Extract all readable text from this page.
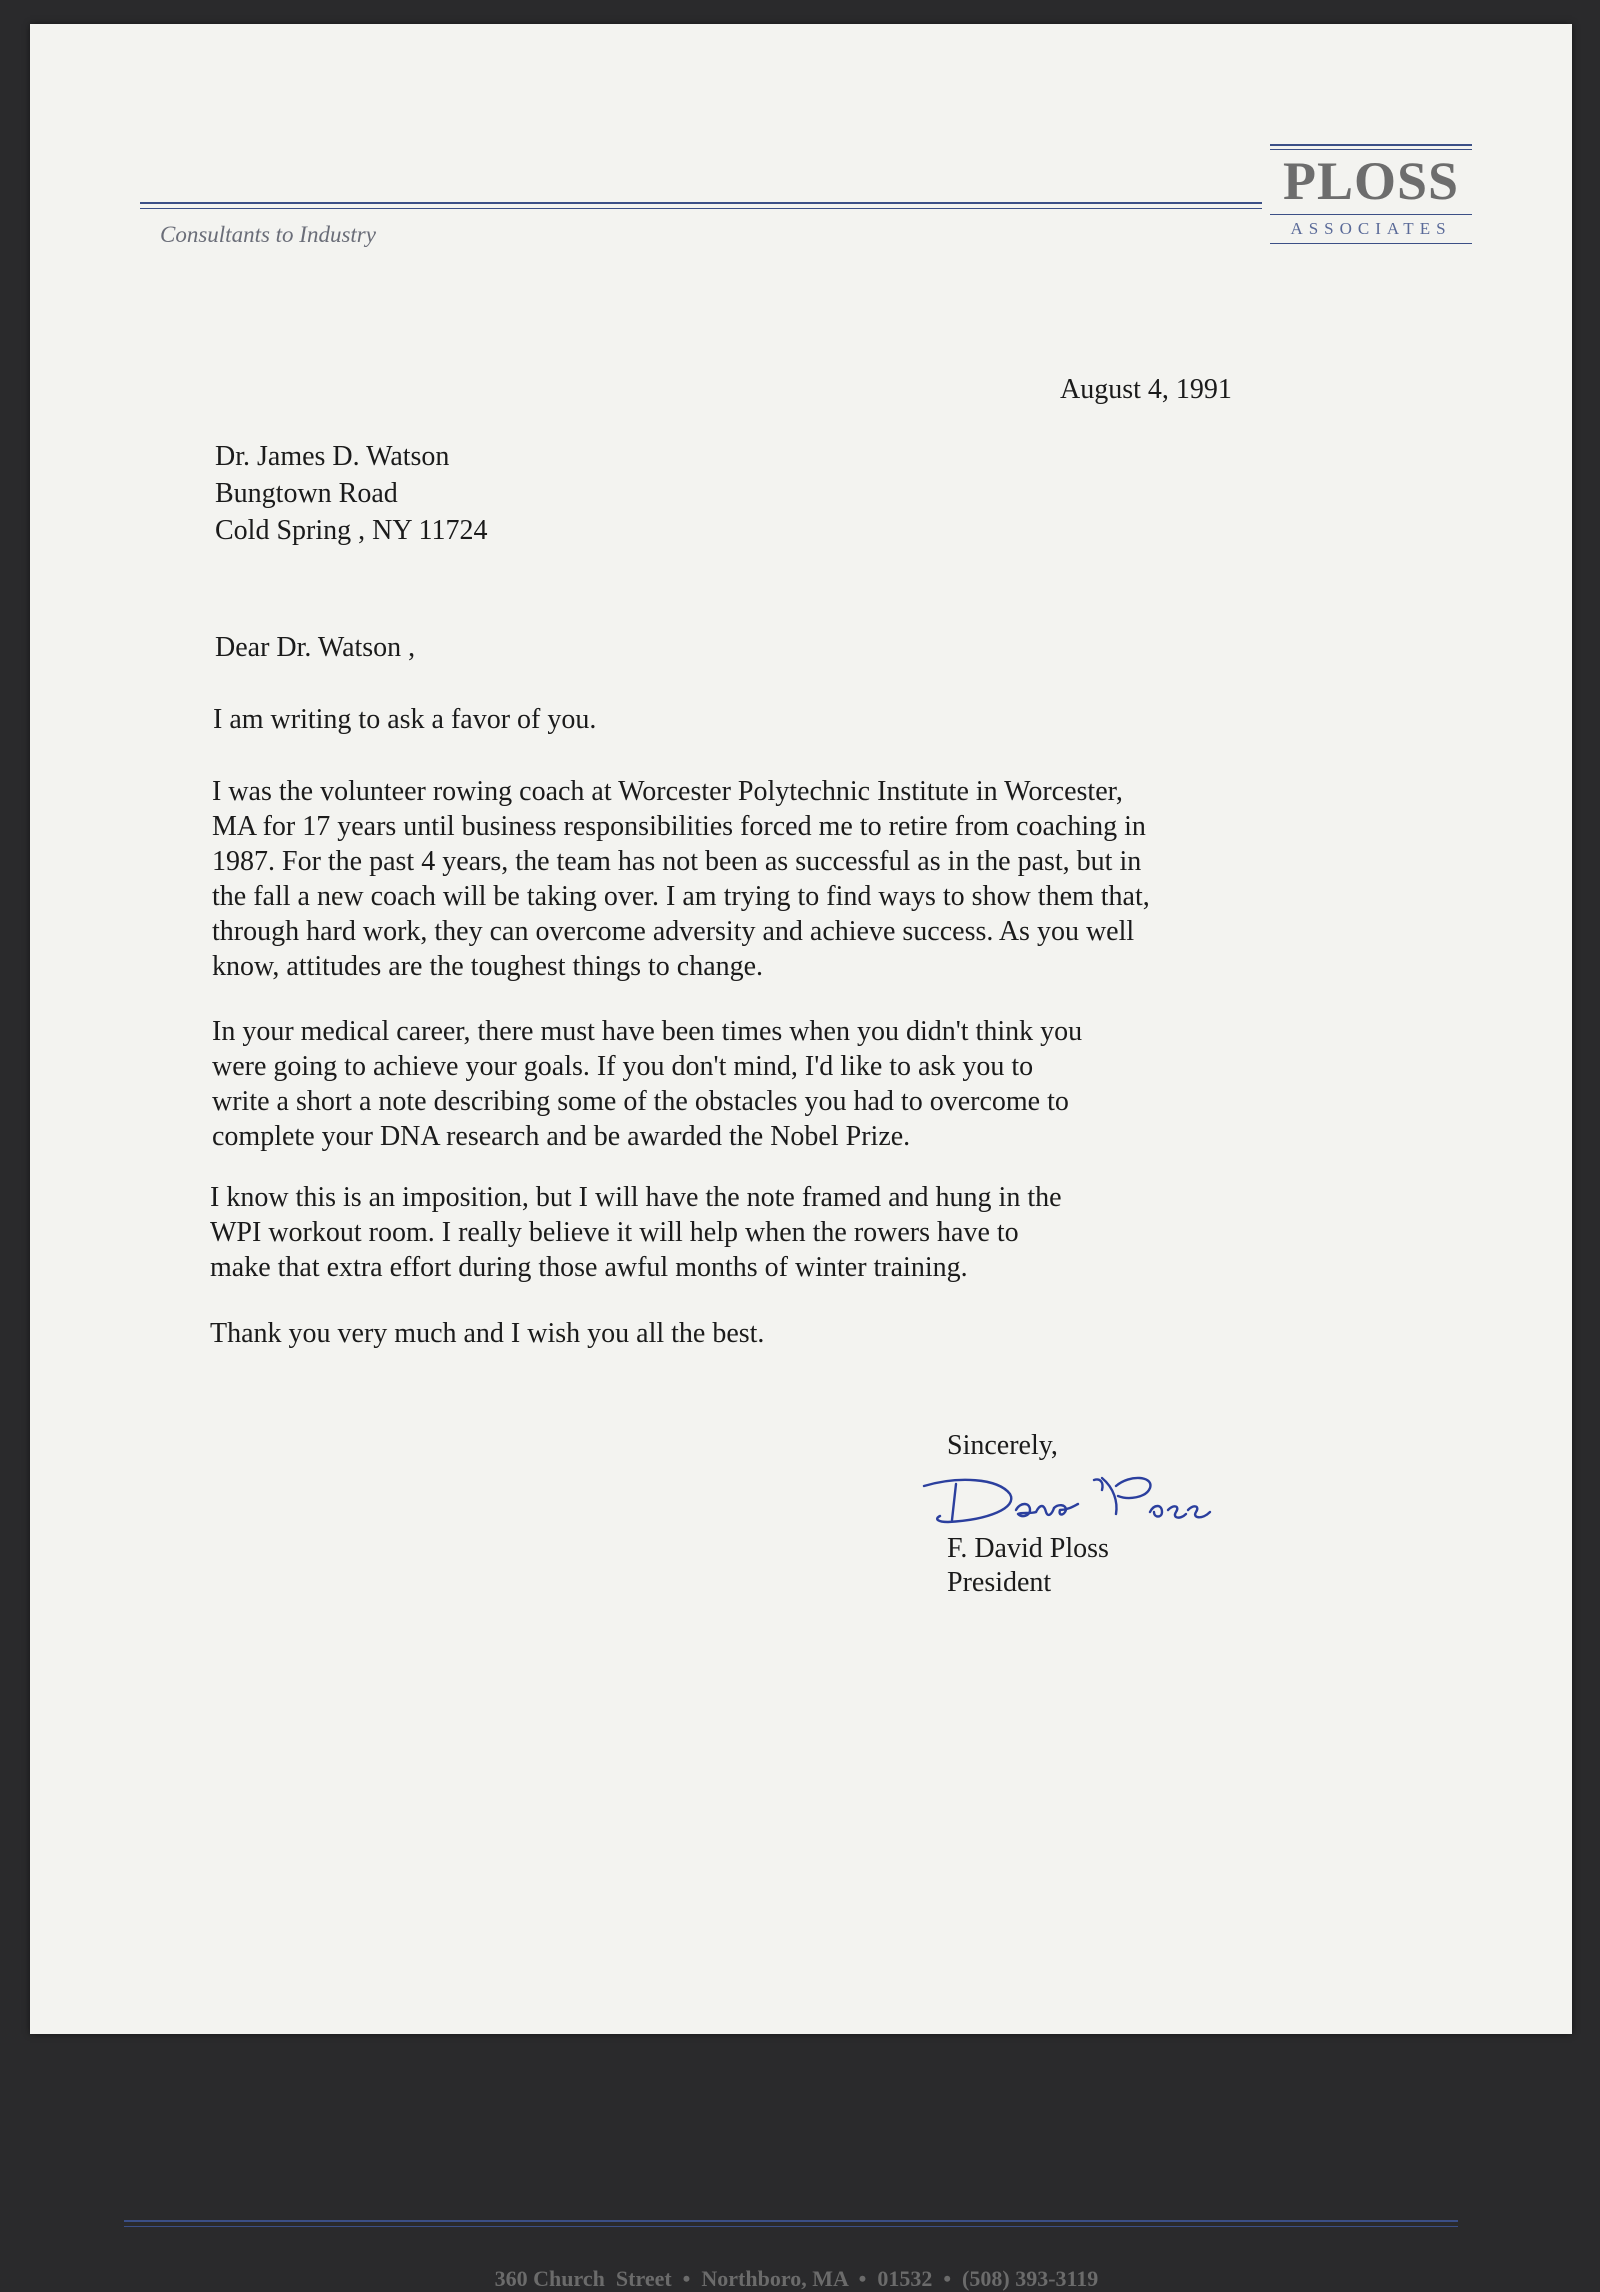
Consultants to Industry
PLOSS
ASSOCIATES
August 4, 1991
Dr. James D. Watson
Bungtown Road
Cold Spring , NY 11724
Dear Dr. Watson ,
I am writing to ask a favor of you.
I was the volunteer rowing coach at Worcester Polytechnic Institute in Worcester,
MA for 17 years until business responsibilities forced me to retire from coaching in
1987. For the past 4 years, the team has not been as successful as in the past, but in
the fall a new coach will be taking over. I am trying to find ways to show them that,
through hard work, they can overcome adversity and achieve success. As you well
know, attitudes are the toughest things to change.
In your medical career, there must have been times when you didn't think you
were going to achieve your goals. If you don't mind, I'd like to ask you to
write a short a note describing some of the obstacles you had to overcome to
complete your DNA research and be awarded the Nobel Prize.
I know this is an imposition, but I will have the note framed and hung in the
WPI workout room. I really believe it will help when the rowers have to
make that extra effort during those awful months of winter training.
Thank you very much and I wish you all the best.
Sincerely,
F. David Ploss
President

360 Church  Street  •  Northboro, MA  •  01532  •  (508) 393-3119
